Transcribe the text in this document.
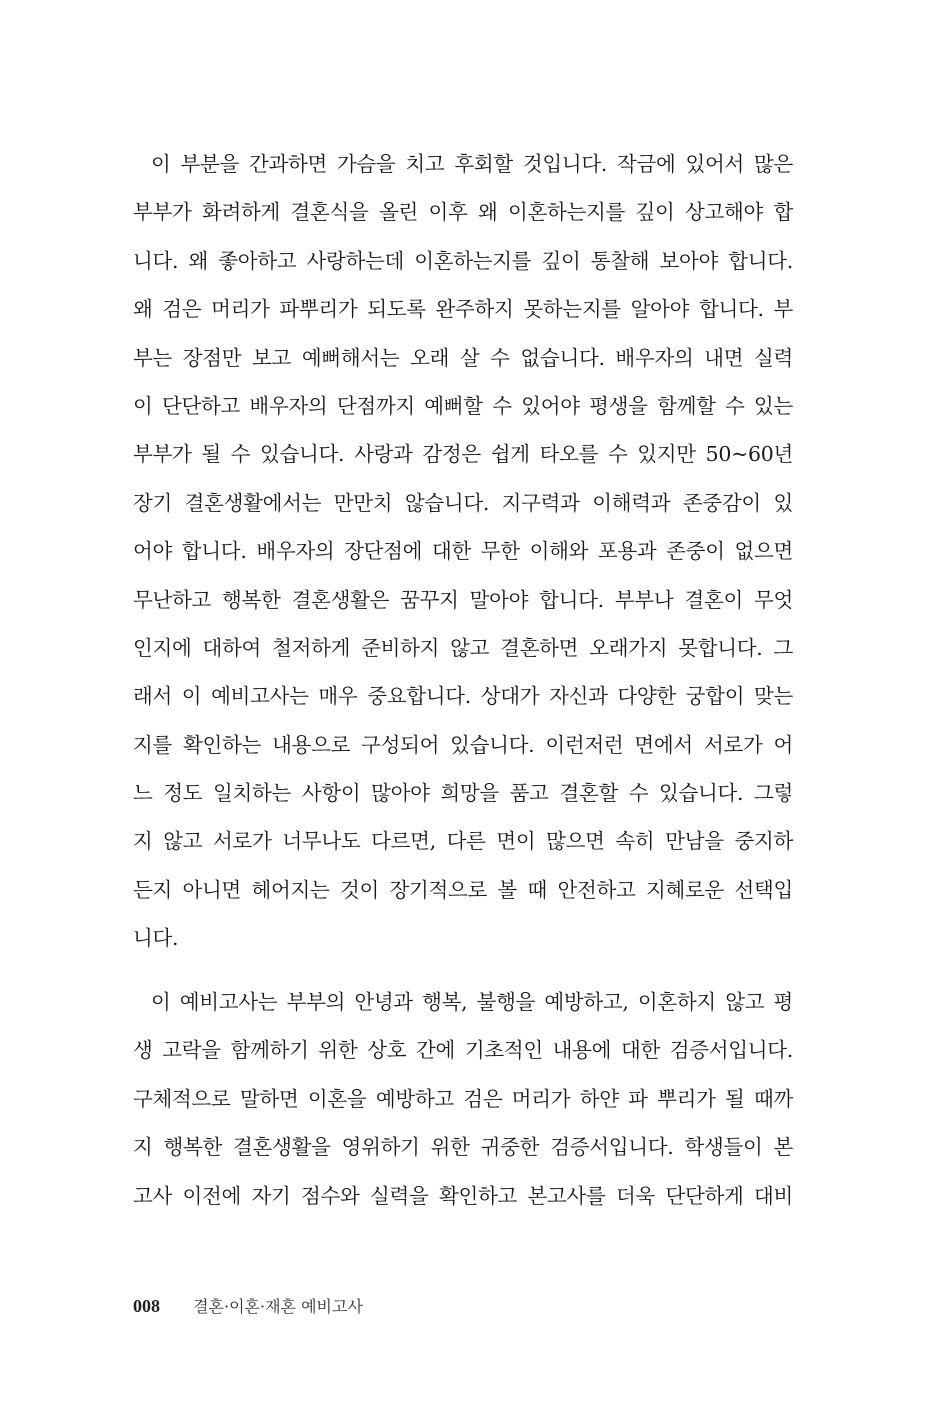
이 부분을 간과하면 가슴을 치고 후회할 것입니다. 작금에 있어서 많은
부부가 화려하게 결혼식을 올린 이후 왜 이혼하는지를 깊이 상고해야 합
니다. 왜 좋아하고 사랑하는데 이혼하는지를 깊이 통찰해 보아야 합니다.
왜 검은 머리가 파뿌리가 되도록 완주하지 못하는지를 알아야 합니다. 부
부는 장점만 보고 예뻐해서는 오래 살 수 없습니다. 배우자의 내면 실력
이 단단하고 배우자의 단점까지 예뻐할 수 있어야 평생을 함께할 수 있는
부부가 될 수 있습니다. 사랑과 감정은 쉽게 타오를 수 있지만 50~60년
장기 결혼생활에서는 만만치 않습니다. 지구력과 이해력과 존중감이 있
어야 합니다. 배우자의 장단점에 대한 무한 이해와 포용과 존중이 없으면
무난하고 행복한 결혼생활은 꿈꾸지 말아야 합니다. 부부나 결혼이 무엇
인지에 대하여 철저하게 준비하지 않고 결혼하면 오래가지 못합니다. 그
래서 이 예비고사는 매우 중요합니다. 상대가 자신과 다양한 궁합이 맞는
지를 확인하는 내용으로 구성되어 있습니다. 이런저런 면에서 서로가 어
느 정도 일치하는 사항이 많아야 희망을 품고 결혼할 수 있습니다. 그렇
지 않고 서로가 너무나도 다르면, 다른 면이 많으면 속히 만남을 중지하
든지 아니면 헤어지는 것이 장기적으로 볼 때 안전하고 지혜로운 선택입
니다.
이 예비고사는 부부의 안녕과 행복, 불행을 예방하고, 이혼하지 않고 평
생 고락을 함께하기 위한 상호 간에 기초적인 내용에 대한 검증서입니다.
구체적으로 말하면 이혼을 예방하고 검은 머리가 하얀 파 뿌리가 될 때까
지 행복한 결혼생활을 영위하기 위한 귀중한 검증서입니다. 학생들이 본
고사 이전에 자기 점수와 실력을 확인하고 본고사를 더욱 단단하게 대비
008 결혼·이혼·재혼 예비고사
